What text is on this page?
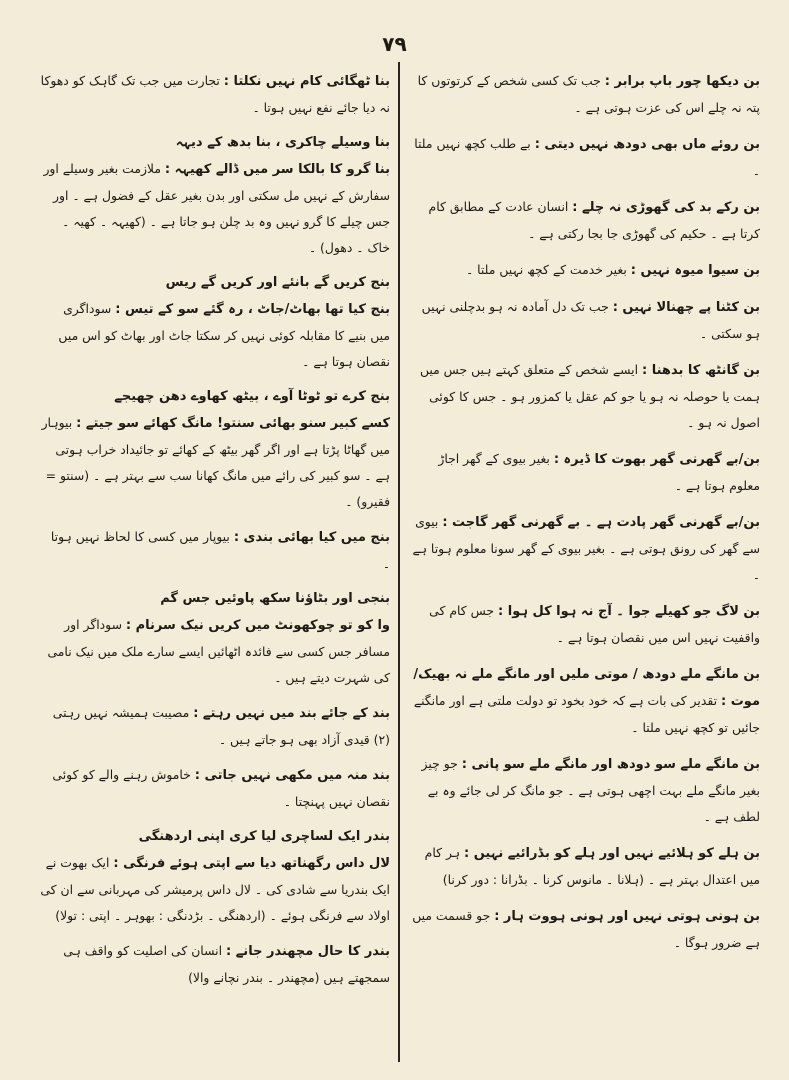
۷۹

بن دیکھا چور باپ برابر : جب تک کسی شخص کے کرتوتوں کا پتہ نہ چلے اس کی عزت ہوتی ہے ۔

بن روئے ماں بھی دودھ نہیں دیتی : بے طلب کچھ نہیں ملتا ۔

بن رکے بد کی گھوڑی نہ چلے : انسان عادت کے مطابق کام کرتا ہے ۔ حکیم کی گھوڑی جا بجا رکتی ہے ۔

بن سیوا میوہ نہیں : بغیر خدمت کے کچھ نہیں ملتا ۔

بن کٹنا پے چھنالا نہیں : جب تک دل آمادہ نہ ہو بدچلنی نہیں ہو سکتی ۔

بن گانٹھ کا بدھنا : ایسے شخص کے متعلق کہتے ہیں جس میں ہمت یا حوصلہ نہ ہو یا جو کم عقل یا کمزور ہو ۔ جس کا کوئی اصول نہ ہو ۔

بن/بے گھرنی گھر بھوت کا ڈیرہ : بغیر بیوی کے گھر اجاڑ معلوم ہوتا ہے ۔

بن/بے گھرنی گھر پادت ہے ۔ بے گھرنی گھر گاجت : بیوی سے گھر کی رونق ہوتی ہے ۔ بغیر بیوی کے گھر سونا معلوم ہوتا ہے ۔

بن لاگ جو کھیلے جوا ۔ آج نہ ہوا کل ہوا : جس کام کی واقفیت نہیں اس میں نقصان ہوتا ہے ۔

بن مانگے ملے دودھ / موتی ملیں اور مانگے ملے نہ بھیک/موت : تقدیر کی بات ہے کہ خود بخود تو دولت ملتی ہے اور مانگنے جائیں تو کچھ نہیں ملتا ۔

بن مانگے ملے سو دودھ اور مانگے ملے سو پانی : جو چیز بغیر مانگے ملے بہت اچھی ہوتی ہے ۔ جو مانگ کر لی جائے وہ بے لطف ہے ۔

بن ہلے کو ہلائیے نہیں اور ہلے کو بڈرائیے نہیں : ہر کام میں اعتدال بہتر ہے ۔ (ہلانا ۔ مانوس کرنا ۔ بڈرانا : دور کرنا)

بن ہونی ہوتی نہیں اور ہونی ہووت ہار : جو قسمت میں ہے ضرور ہوگا ۔

بنا ٹھگائی کام نہیں نکلتا : تجارت میں جب تک گاہک کو دھوکا نہ دیا جائے نفع نہیں ہوتا ۔

بنا وسیلے چاکری ، بنا بدھ کے دیہہ
بنا گرو کا بالکا سر میں ڈالے کھیہہ : ملازمت بغیر وسیلے اور سفارش کے نہیں مل سکتی اور بدن بغیر عقل کے فضول ہے ۔ اور جس چیلے کا گرو نہیں وہ بد چلن ہو جاتا ہے ۔ (کھیہہ ۔ کھیہ ۔ خاک ۔ دھول) ۔

بنج کریں گے بانئے اور کریں گے ریس
بنج کیا تھا بھاٹ/جاٹ ، رہ گئے سو کے تیس : سوداگری میں بنیے کا مقابلہ کوئی نہیں کر سکتا جاٹ اور بھاٹ کو اس میں نقصان ہوتا ہے ۔

بنج کرے تو ٹوٹا آوے ، بیٹھ کھاوے دھن چھیجے
کسے کبیر سنو بھائی سنتو! مانگ کھائے سو جیتے : بیوہار میں گھاٹا پڑتا ہے اور اگر گھر بیٹھ کے کھائے تو جائیداد خراب ہوتی ہے ۔ سو کبیر کی رائے میں مانگ کھانا سب سے بہتر ہے ۔ (سنتو = فقیرو) ۔

بنج میں کیا بھائی بندی : بیوپار میں کسی کا لحاظ نہیں ہوتا ۔

بنجی اور بٹاؤنا سکھ پاوئیں جس گم
وا کو تو چوکھونٹ میں کریں نیک سرنام : سوداگر اور مسافر جس کسی سے فائدہ اٹھائیں ایسے سارے ملک میں نیک نامی کی شہرت دیتے ہیں ۔

بند کے جائے بند میں نہیں رہتے : مصیبت ہمیشہ نہیں رہتی (۲) قیدی آزاد بھی ہو جاتے ہیں ۔

بند منہ میں مکھی نہیں جاتی : خاموش رہنے والے کو کوئی نقصان نہیں پہنچتا ۔

بندر ایک لساچری لیا کری اپنی اردھنگی
لال داس رگھناتھ دیا سے اپتی ہوئے فرنگی : ایک بھوت نے ایک بندریا سے شادی کی ۔ لال داس پرمیشر کی مہربانی سے ان کی اولاد سے فرنگی ہوئے ۔ (اردھنگی ۔ بڑدنگی : بھوہر ۔ اپتی : تولا)

بندر کا حال مچھندر جانے : انسان کی اصلیت کو واقف ہی سمجھتے ہیں (مچھندر ۔ بندر نچانے والا)
